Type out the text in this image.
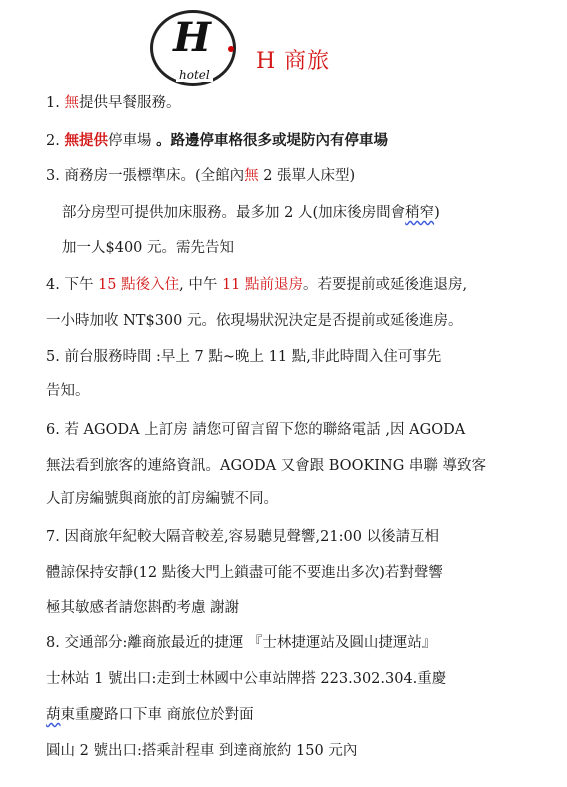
H
hotel
H 商旅
1. 無提供早餐服務。
2. 無提供停車場 。路邊停車格很多或堤防內有停車場
3. 商務房一張標準床。(全館內無 2 張單人床型)
部分房型可提供加床服務。最多加 2 人(加床後房間會稍窄)
加一人$400 元。需先告知
4. 下午 15 點後入住, 中午 11 點前退房。若要提前或延後進退房,
一小時加收 NT$300 元。依現場狀況決定是否提前或延後進房。
5. 前台服務時間 :早上 7 點~晚上 11 點,非此時間入住可事先
告知。
6. 若 AGODA 上訂房 請您可留言留下您的聯絡電話 ,因 AGODA
無法看到旅客的連絡資訊。AGODA 又會跟 BOOKING 串聯 導致客
人訂房編號與商旅的訂房編號不同。
7. 因商旅年紀較大隔音較差,容易聽見聲響,21:00 以後請互相
體諒保持安靜(12 點後大門上鎖盡可能不要進出多次)若對聲響
極其敏感者請您斟酌考慮 謝謝
8. 交通部分:離商旅最近的捷運 『士林捷運站及圓山捷運站』
士林站 1 號出口:走到士林國中公車站牌搭 223.302.304.重慶
葫東重慶路口下車 商旅位於對面
圓山 2 號出口:搭乘計程車 到達商旅約 150 元內
